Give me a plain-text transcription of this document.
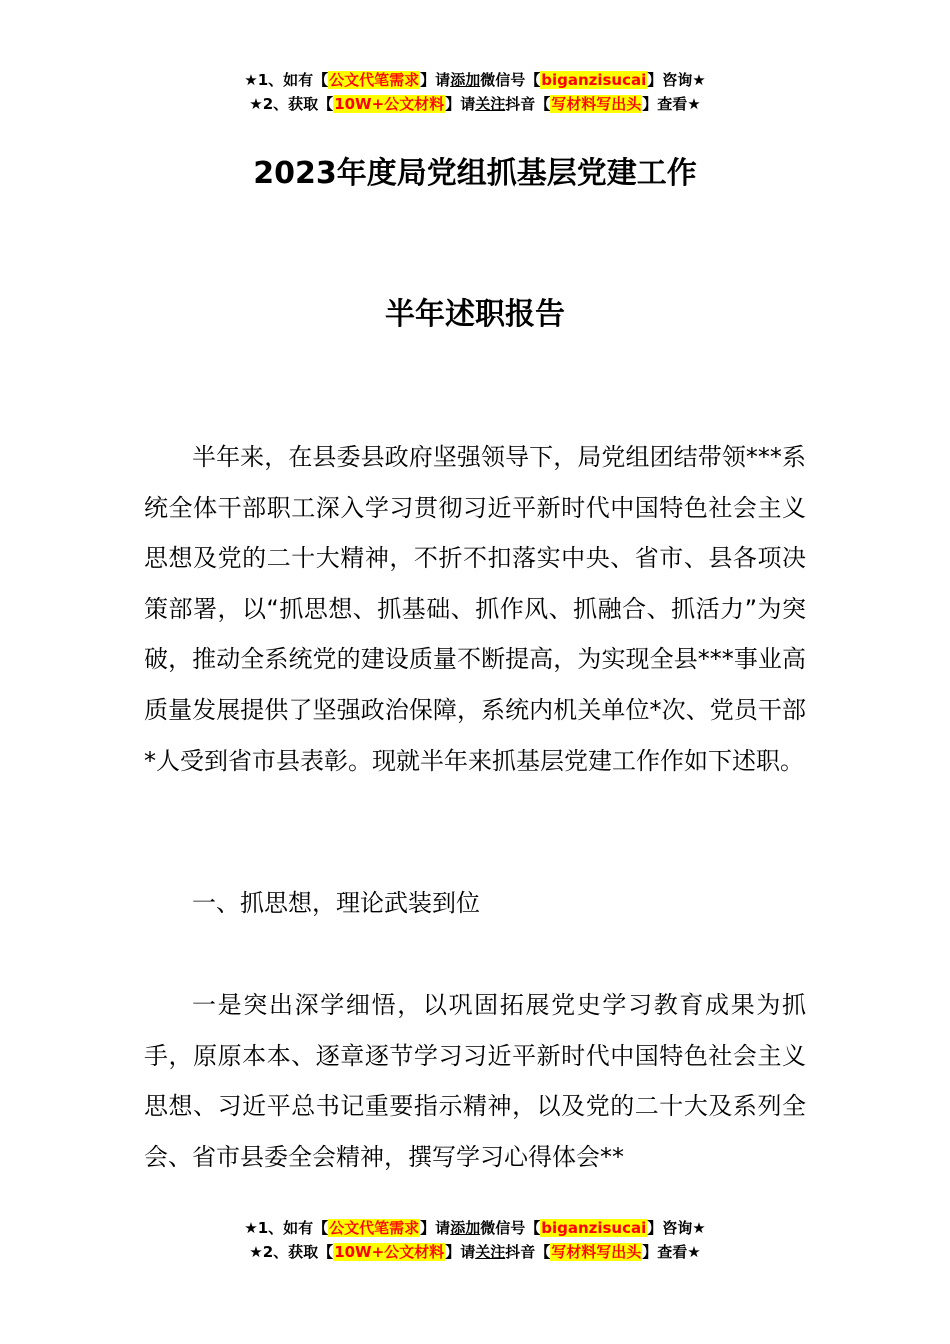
★1、如有【公文代笔需求】请添加微信号【biganzisucai】咨询★
★2、获取【10W+公文材料】请关注抖音【写材料写出头】查看★
2023年度局党组抓基层党建工作
半年述职报告

半年来，在县委县政府坚强领导下，局党组团结带领***系统全体干部职工深入学习贯彻习近平新时代中国特色社会主义思想及党的二十大精神，不折不扣落实中央、省市、县各项决策部署，以“抓思想、抓基础、抓作风、抓融合、抓活力”为突破，推动全系统党的建设质量不断提高，为实现全县***事业高质量发展提供了坚强政治保障，系统内机关单位*次、党员干部*人受到省市县表彰。现就半年来抓基层党建工作作如下述职。

一、抓思想，理论武装到位

一是突出深学细悟，以巩固拓展党史学习教育成果为抓手，原原本本、逐章逐节学习习近平新时代中国特色社会主义思想、习近平总书记重要指示精神，以及党的二十大及系列全会、省市县委全会精神，撰写学习心得体会**

★1、如有【公文代笔需求】请添加微信号【biganzisucai】咨询★
★2、获取【10W+公文材料】请关注抖音【写材料写出头】查看★
